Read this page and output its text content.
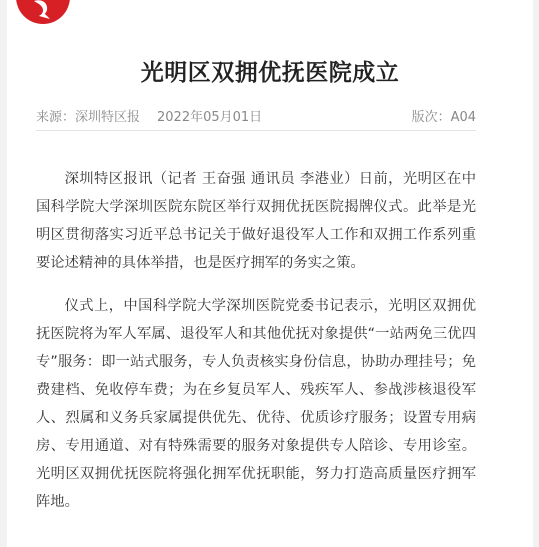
光明区双拥优抚医院成立
来源：深圳特区报 2022年05月01日	版次：A04

深圳特区报讯（记者 王奋强 通讯员 李港业）日前，光明区在中国科学院大学深圳医院东院区举行双拥优抚医院揭牌仪式。此举是光明区贯彻落实习近平总书记关于做好退役军人工作和双拥工作系列重要论述精神的具体举措，也是医疗拥军的务实之策。

仪式上，中国科学院大学深圳医院党委书记表示，光明区双拥优抚医院将为军人军属、退役军人和其他优抚对象提供“一站两免三优四专”服务：即一站式服务，专人负责核实身份信息，协助办理挂号；免费建档、免收停车费；为在乡复员军人、残疾军人、参战涉核退役军人、烈属和义务兵家属提供优先、优待、优质诊疗服务；设置专用病房、专用通道、对有特殊需要的服务对象提供专人陪诊、专用诊室。光明区双拥优抚医院将强化拥军优抚职能，努力打造高质量医疗拥军阵地。
